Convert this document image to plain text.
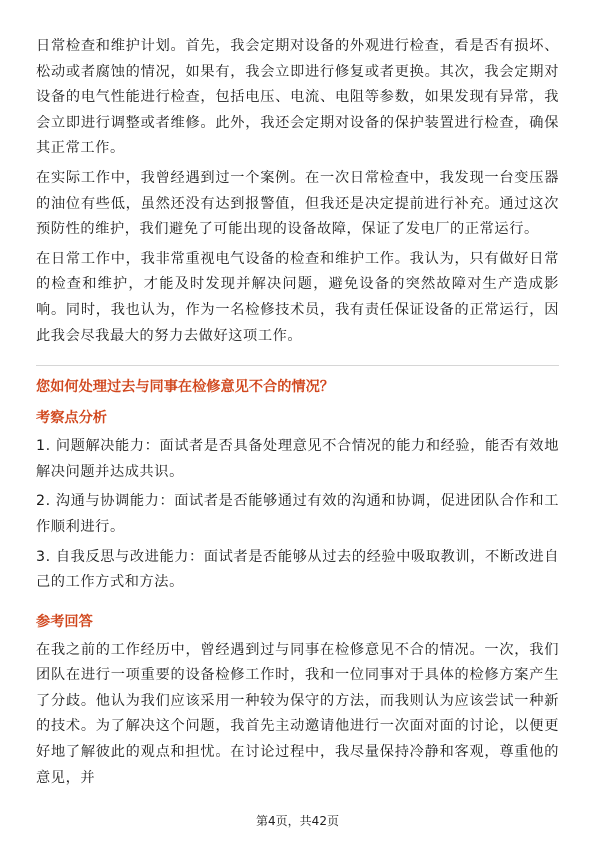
日常检查和维护计划。首先，我会定期对设备的外观进行检查，看是否有损坏、松动或者腐蚀的情况，如果有，我会立即进行修复或者更换。其次，我会定期对设备的电气性能进行检查，包括电压、电流、电阻等参数，如果发现有异常，我会立即进行调整或者维修。此外，我还会定期对设备的保护装置进行检查，确保其正常工作。

在实际工作中，我曾经遇到过一个案例。在一次日常检查中，我发现一台变压器的油位有些低，虽然还没有达到报警值，但我还是决定提前进行补充。通过这次预防性的维护，我们避免了可能出现的设备故障，保证了发电厂的正常运行。

在日常工作中，我非常重视电气设备的检查和维护工作。我认为，只有做好日常的检查和维护，才能及时发现并解决问题，避免设备的突然故障对生产造成影响。同时，我也认为，作为一名检修技术员，我有责任保证设备的正常运行，因此我会尽我最大的努力去做好这项工作。

您如何处理过去与同事在检修意见不合的情况？
考察点分析

1. 问题解决能力：面试者是否具备处理意见不合情况的能力和经验，能否有效地解决问题并达成共识。

2. 沟通与协调能力：面试者是否能够通过有效的沟通和协调，促进团队合作和工作顺利进行。

3. 自我反思与改进能力：面试者是否能够从过去的经验中吸取教训，不断改进自己的工作方式和方法。

参考回答

在我之前的工作经历中，曾经遇到过与同事在检修意见不合的情况。一次，我们团队在进行一项重要的设备检修工作时，我和一位同事对于具体的检修方案产生了分歧。他认为我们应该采用一种较为保守的方法，而我则认为应该尝试一种新的技术。为了解决这个问题，我首先主动邀请他进行一次面对面的讨论，以便更好地了解彼此的观点和担忧。在讨论过程中，我尽量保持冷静和客观，尊重他的意见，并

第4页，共42页
